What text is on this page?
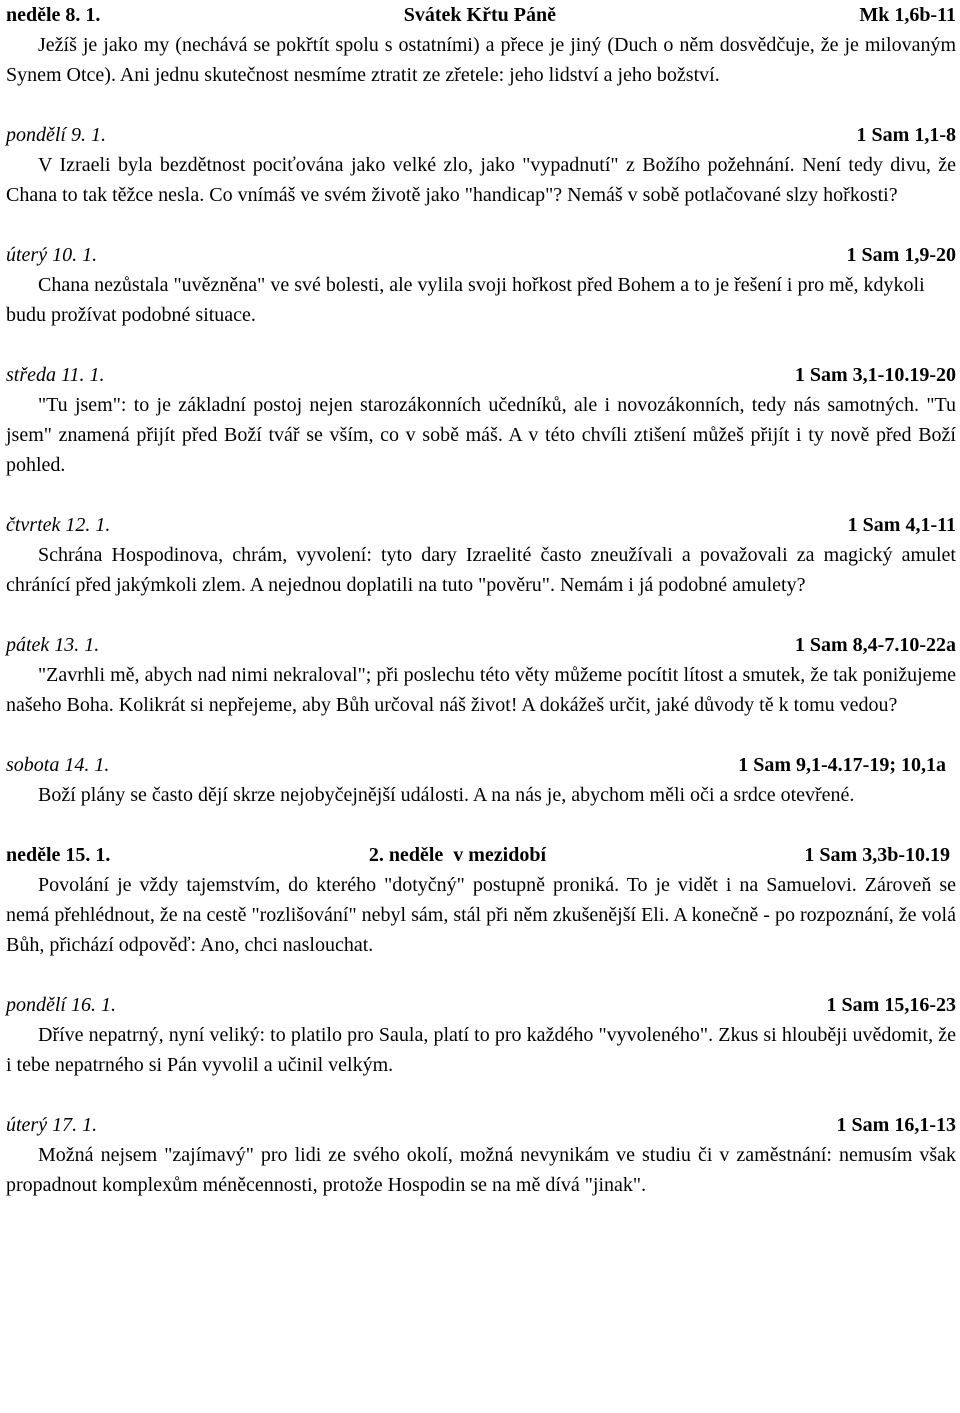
neděle 8. 1.	Svátek Křtu Páně	Mk 1,6b-11

Ježíš je jako my (nechává se pokřtít spolu s ostatními) a přece je jiný (Duch o něm dosvědčuje, že je milovaným Synem Otce). Ani jednu skutečnost nesmíme ztratit ze zřetele: jeho lidství a jeho božství.

pondělí 9. 1.	1 Sam 1,1-8

V Izraeli byla bezdětnost pociťována jako velké zlo, jako "vypadnutí" z Božího požehnání. Není tedy divu, že Chana to tak těžce nesla. Co vnímáš ve svém životě jako "handicap"? Nemáš v sobě potlačované slzy hořkosti?

úterý 10. 1.	1 Sam 1,9-20

Chana nezůstala "uvězněna" ve své bolesti, ale vylila svoji hořkost před Bohem a to je řešení i pro mě, kdykoli budu prožívat podobné situace.

středa 11. 1.	1 Sam 3,1-10.19-20

"Tu jsem": to je základní postoj nejen starozákonních učedníků, ale i novozákonních, tedy nás samotných. "Tu jsem" znamená přijít před Boží tvář se vším, co v sobě máš. A v této chvíli ztišení můžeš přijít i ty nově před Boží pohled.

čtvrtek 12. 1.	1 Sam 4,1-11

Schrána Hospodinova, chrám, vyvolení: tyto dary Izraelité často zneužívali a považovali za magický amulet chránící před jakýmkoli zlem. A nejednou doplatili na tuto "pověru". Nemám i já podobné amulety?

pátek 13. 1.	1 Sam 8,4-7.10-22a

"Zavrhli mě, abych nad nimi nekraloval"; při poslechu této věty můžeme pocítit lítost a smutek, že tak ponižujeme našeho Boha. Kolikrát si nepřejeme, aby Bůh určoval náš život! A dokážeš určit, jaké důvody tě k tomu vedou?

sobota 14. 1.	1 Sam 9,1-4.17-19; 10,1a

Boží plány se často dějí skrze nejobyčejnější události. A na nás je, abychom měli oči a srdce otevřené.

neděle 15. 1.	2. neděle  v mezidobí	1 Sam 3,3b-10.19

Povolání je vždy tajemstvím, do kterého "dotyčný" postupně proniká. To je vidět i na Samuelovi. Zároveň se nemá přehlédnout, že na cestě "rozlišování" nebyl sám, stál při něm zkušenější Eli. A konečně - po rozpoznání, že volá Bůh, přichází odpověď: Ano, chci naslouchat.

pondělí 16. 1.	1 Sam 15,16-23

Dříve nepatrný, nyní veliký: to platilo pro Saula, platí to pro každého "vyvoleného". Zkus si hlouběji uvědomit, že i tebe nepatrného si Pán vyvolil a učinil velkým.

úterý 17. 1.	1 Sam 16,1-13

Možná nejsem "zajímavý" pro lidi ze svého okolí, možná nevynikám ve studiu či v zaměstnání: nemusím však propadnout komplexům méněcennosti, protože Hospodin se na mě dívá "jinak".
